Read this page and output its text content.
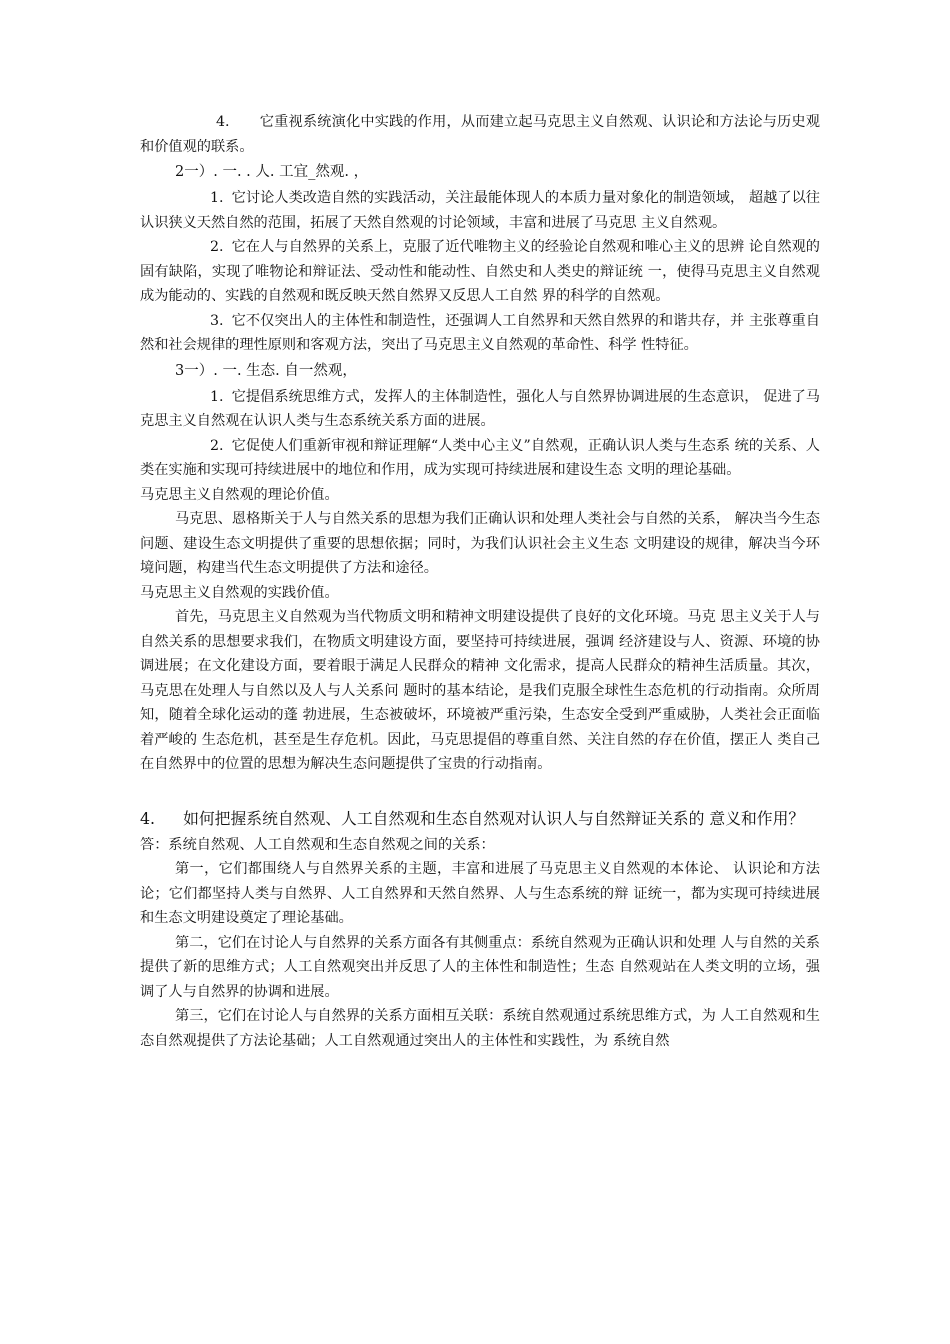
4. 它重视系统演化中实践的作用，从而建立起马克思主义自然观、认识论和方法论与历史观和价值观的联系。

2一）. 一. . 人. 工宜_然观. ，

1. 它讨论人类改造自然的实践活动，关注最能体现人的本质力量对象化的制造领域， 超越了以往认识狭义天然自然的范围，拓展了天然自然观的讨论领域，丰富和进展了马克思 主义自然观。

2. 它在人与自然界的关系上，克服了近代唯物主义的经验论自然观和唯心主义的思辨 论自然观的固有缺陷，实现了唯物论和辩证法、受动性和能动性、自然史和人类史的辩证统 一，使得马克思主义自然观成为能动的、实践的自然观和既反映天然自然界又反思人工自然 界的科学的自然观。

3. 它不仅突出人的主体性和制造性，还强调人工自然界和天然自然界的和谐共存，并 主张尊重自然和社会规律的理性原则和客观方法，突出了马克思主义自然观的革命性、科学 性特征。

3一）. 一. 生态. 自一然观，

1. 它提倡系统思维方式，发挥人的主体制造性，强化人与自然界协调进展的生态意识， 促进了马克思主义自然观在认识人类与生态系统关系方面的进展。

2. 它促使人们重新审视和辩证理解“人类中心主义”自然观，正确认识人类与生态系 统的关系、人类在实施和实现可持续进展中的地位和作用，成为实现可持续进展和建设生态 文明的理论基础。

马克思主义自然观的理论价值。

马克思、恩格斯关于人与自然关系的思想为我们正确认识和处理人类社会与自然的关系， 解决当今生态问题、建设生态文明提供了重要的思想依据；同时，为我们认识社会主义生态 文明建设的规律，解决当今环境问题，构建当代生态文明提供了方法和途径。

马克思主义自然观的实践价值。

首先，马克思主义自然观为当代物质文明和精神文明建设提供了良好的文化环境。马克 思主义关于人与自然关系的思想要求我们，在物质文明建设方面，要坚持可持续进展，强调 经济建设与人、资源、环境的协调进展；在文化建设方面，要着眼于满足人民群众的精神 文化需求，提高人民群众的精神生活质量。其次，马克思在处理人与自然以及人与人关系问 题时的基本结论，是我们克服全球性生态危机的行动指南。众所周知，随着全球化运动的蓬 勃进展，生态被破坏，环境被严重污染，生态安全受到严重威胁，人类社会正面临着严峻的 生态危机，甚至是生存危机。因此，马克思提倡的尊重自然、关注自然的存在价值，摆正人 类自己在自然界中的位置的思想为解决生态问题提供了宝贵的行动指南。

4. 如何把握系统自然观、人工自然观和生态自然观对认识人与自然辩证关系的 意义和作用？

答：系统自然观、人工自然观和生态自然观之间的关系：

第一，它们都围绕人与自然界关系的主题，丰富和进展了马克思主义自然观的本体论、 认识论和方法论；它们都坚持人类与自然界、人工自然界和天然自然界、人与生态系统的辩 证统一，都为实现可持续进展和生态文明建设奠定了理论基础。

第二，它们在讨论人与自然界的关系方面各有其侧重点：系统自然观为正确认识和处理 人与自然的关系提供了新的思维方式；人工自然观突出并反思了人的主体性和制造性；生态 自然观站在人类文明的立场，强调了人与自然界的协调和进展。

第三，它们在讨论人与自然界的关系方面相互关联：系统自然观通过系统思维方式，为 人工自然观和生态自然观提供了方法论基础；人工自然观通过突出人的主体性和实践性，为 系统自然
